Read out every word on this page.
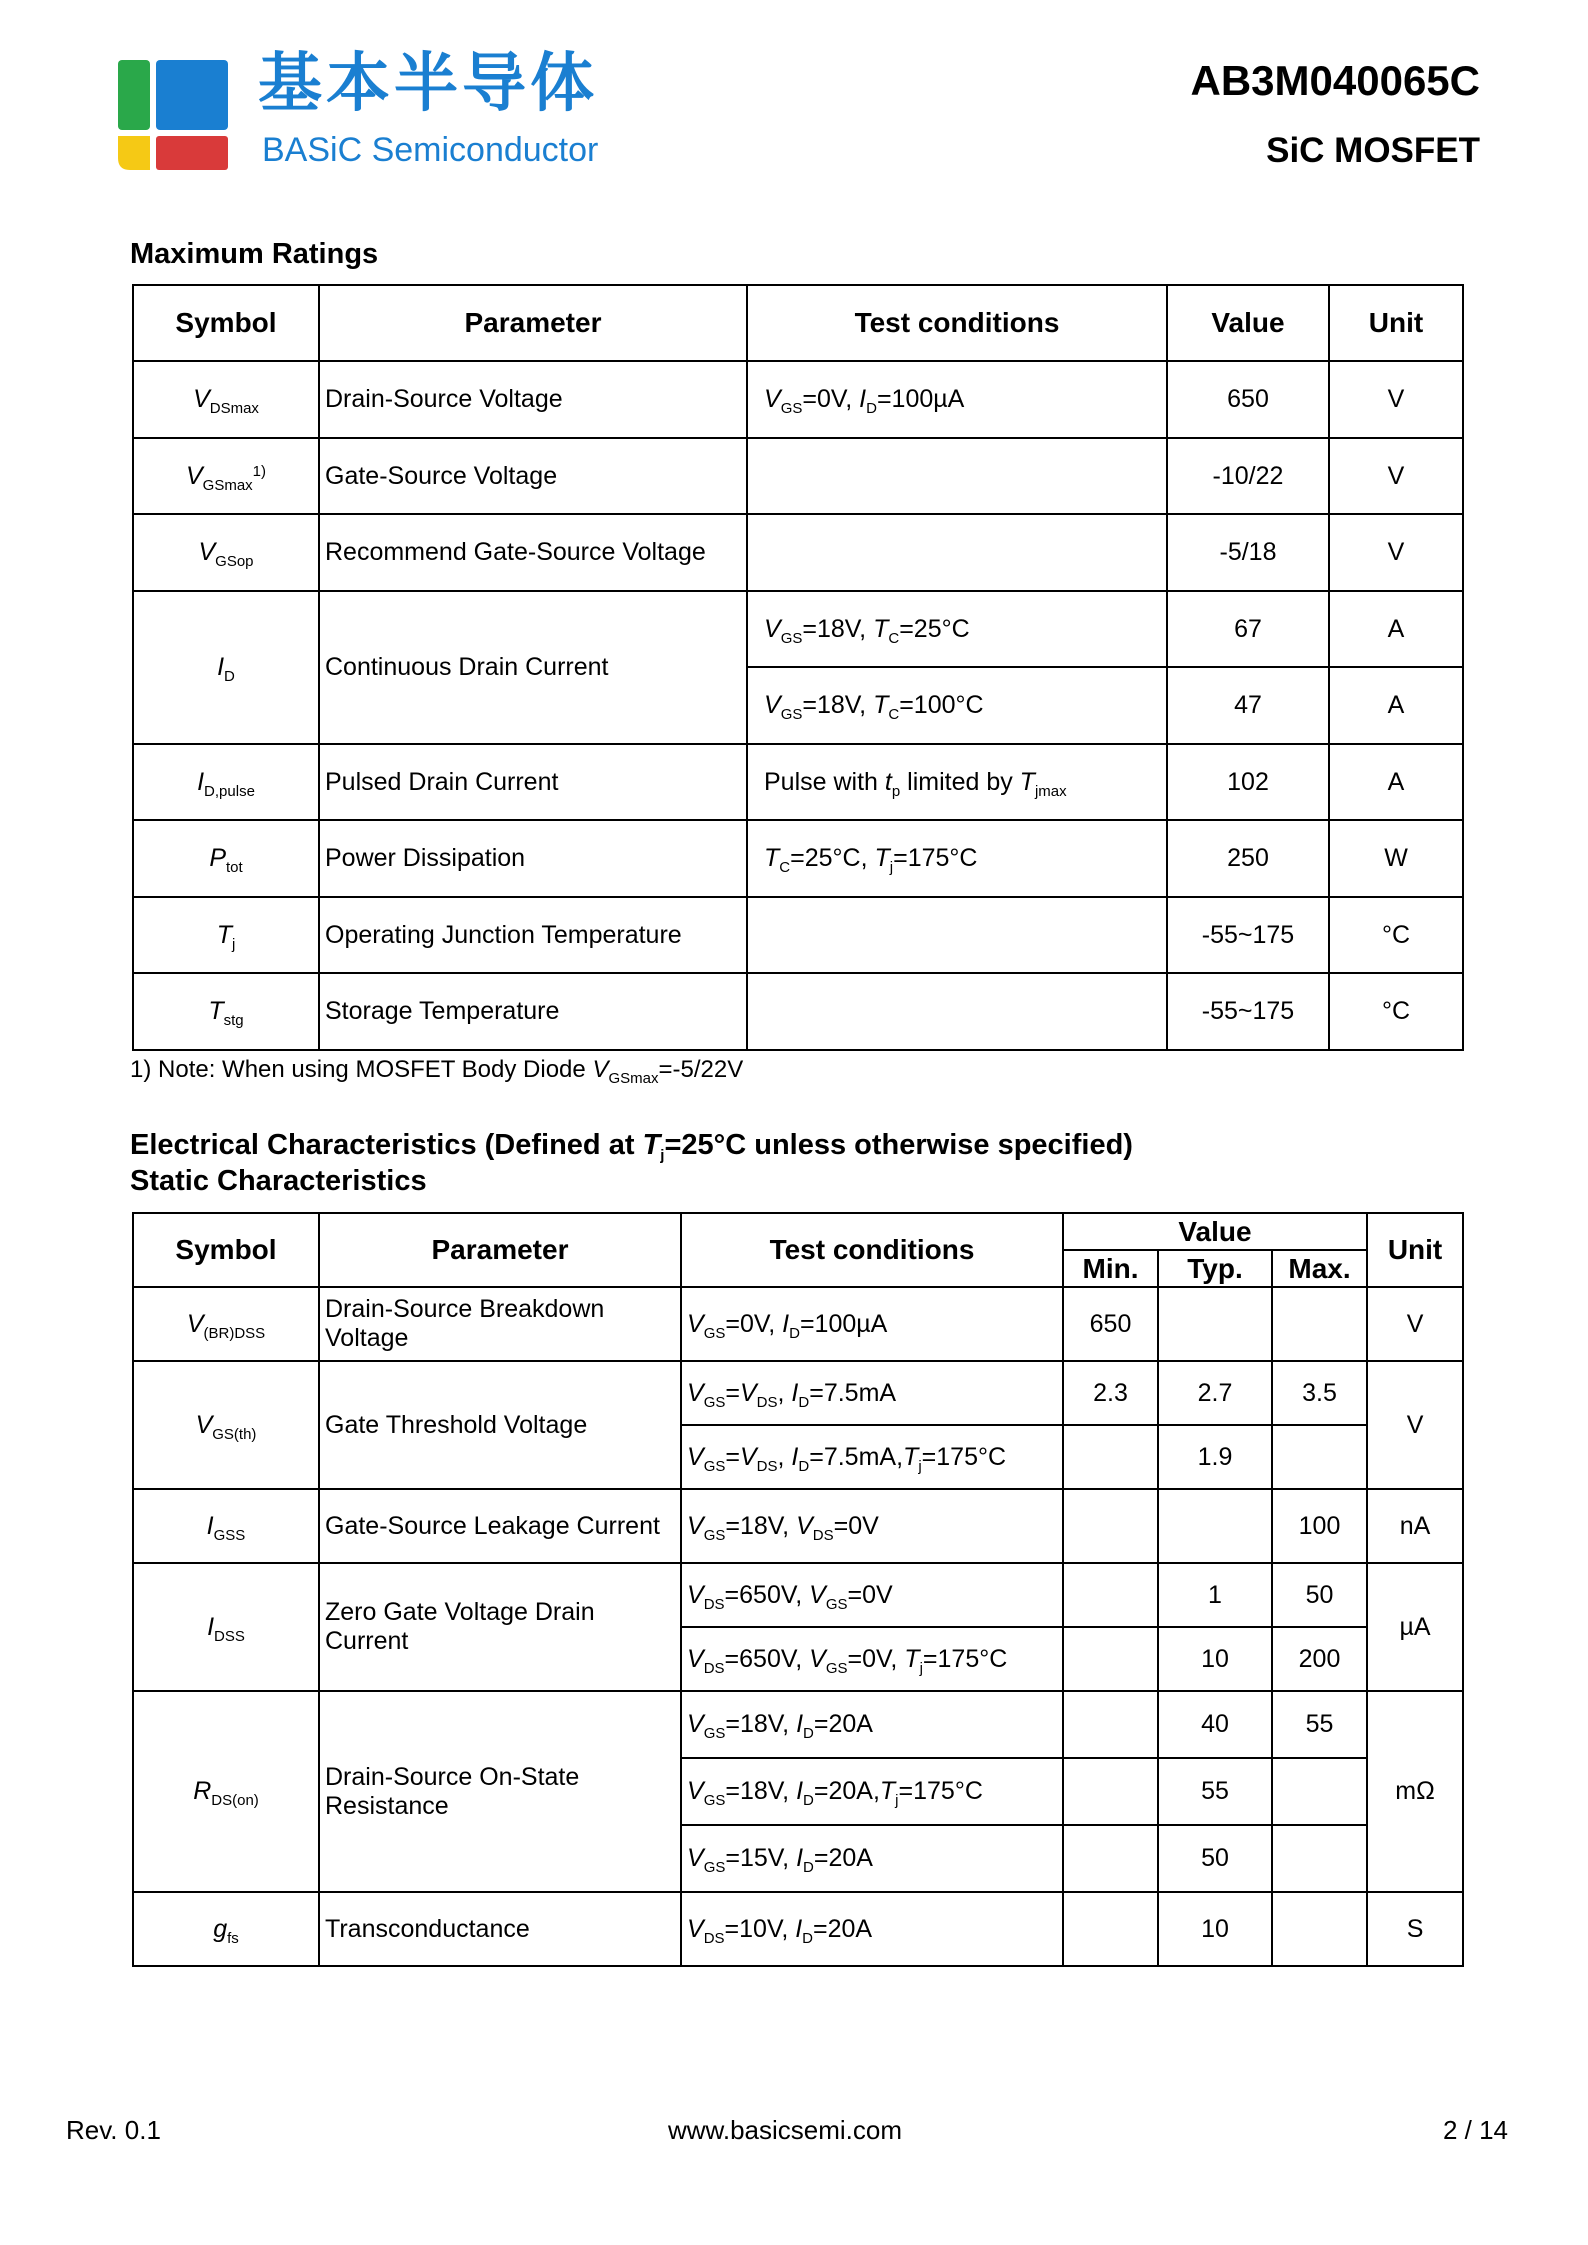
基本半导体
BASiC Semiconductor
AB3M040065C
SiC MOSFET
Maximum Ratings
Symbol	Parameter	Test conditions	Value	Unit
$V_{DSmax}$	Drain-Source Voltage	$V_{GS}=0V$, $I_D=100\mu A$	650	V
$V_{GSmax}^{1)}$	Gate-Source Voltage		-10/22	V
$V_{GSop}$	Recommend Gate-Source Voltage		-5/18	V
$I_D$	Continuous Drain Current	$V_{GS}=18V$, $T_C=25^\circ C$	67	A
		$V_{GS}=18V$, $T_C=100^\circ C$	47	A
$I_{D,pulse}$	Pulsed Drain Current	Pulse with $t_p$ limited by $T_{jmax}$	102	A
$P_{tot}$	Power Dissipation	$T_C=25^\circ C$, $T_j=175^\circ C$	250	W
$T_j$	Operating Junction Temperature		-55~175	°C
$T_{stg}$	Storage Temperature		-55~175	°C
1) Note: When using MOSFET Body Diode $V_{GSmax}=-5/22V$
Electrical Characteristics (Defined at $T_j=25^\circ C$ unless otherwise specified)
Static Characteristics
Symbol	Parameter	Test conditions	Value			Unit
			Min.	Typ.	Max.	
$V_{(BR)DSS}$	Drain-Source Breakdown Voltage	$V_{GS}=0V$, $I_D=100\mu A$	650			V
$V_{GS(th)}$	Gate Threshold Voltage	$V_{GS}=V_{DS}$, $I_D=7.5mA$	2.3	2.7	3.5	V
		$V_{GS}=V_{DS}$, $I_D=7.5mA,T_j=175^\circ C$		1.9		
$I_{GSS}$	Gate-Source Leakage Current	$V_{GS}=18V$, $V_{DS}=0V$			100	nA
$I_{DSS}$	Zero Gate Voltage Drain Current	$V_{DS}=650V$, $V_{GS}=0V$		1	50	µA
		$V_{DS}=650V$, $V_{GS}=0V$, $T_j=175^\circ C$		10	200	
$R_{DS(on)}$	Drain-Source On-State Resistance	$V_{GS}=18V$, $I_D=20A$		40	55	mΩ
		$V_{GS}=18V$, $I_D=20A,T_j=175^\circ C$		55		
		$V_{GS}=15V$, $I_D=20A$		50		
$g_{fs}$	Transconductance	$V_{DS}=10V$, $I_D=20A$		10		S
Rev. 0.1	www.basicsemi.com	2 / 14
